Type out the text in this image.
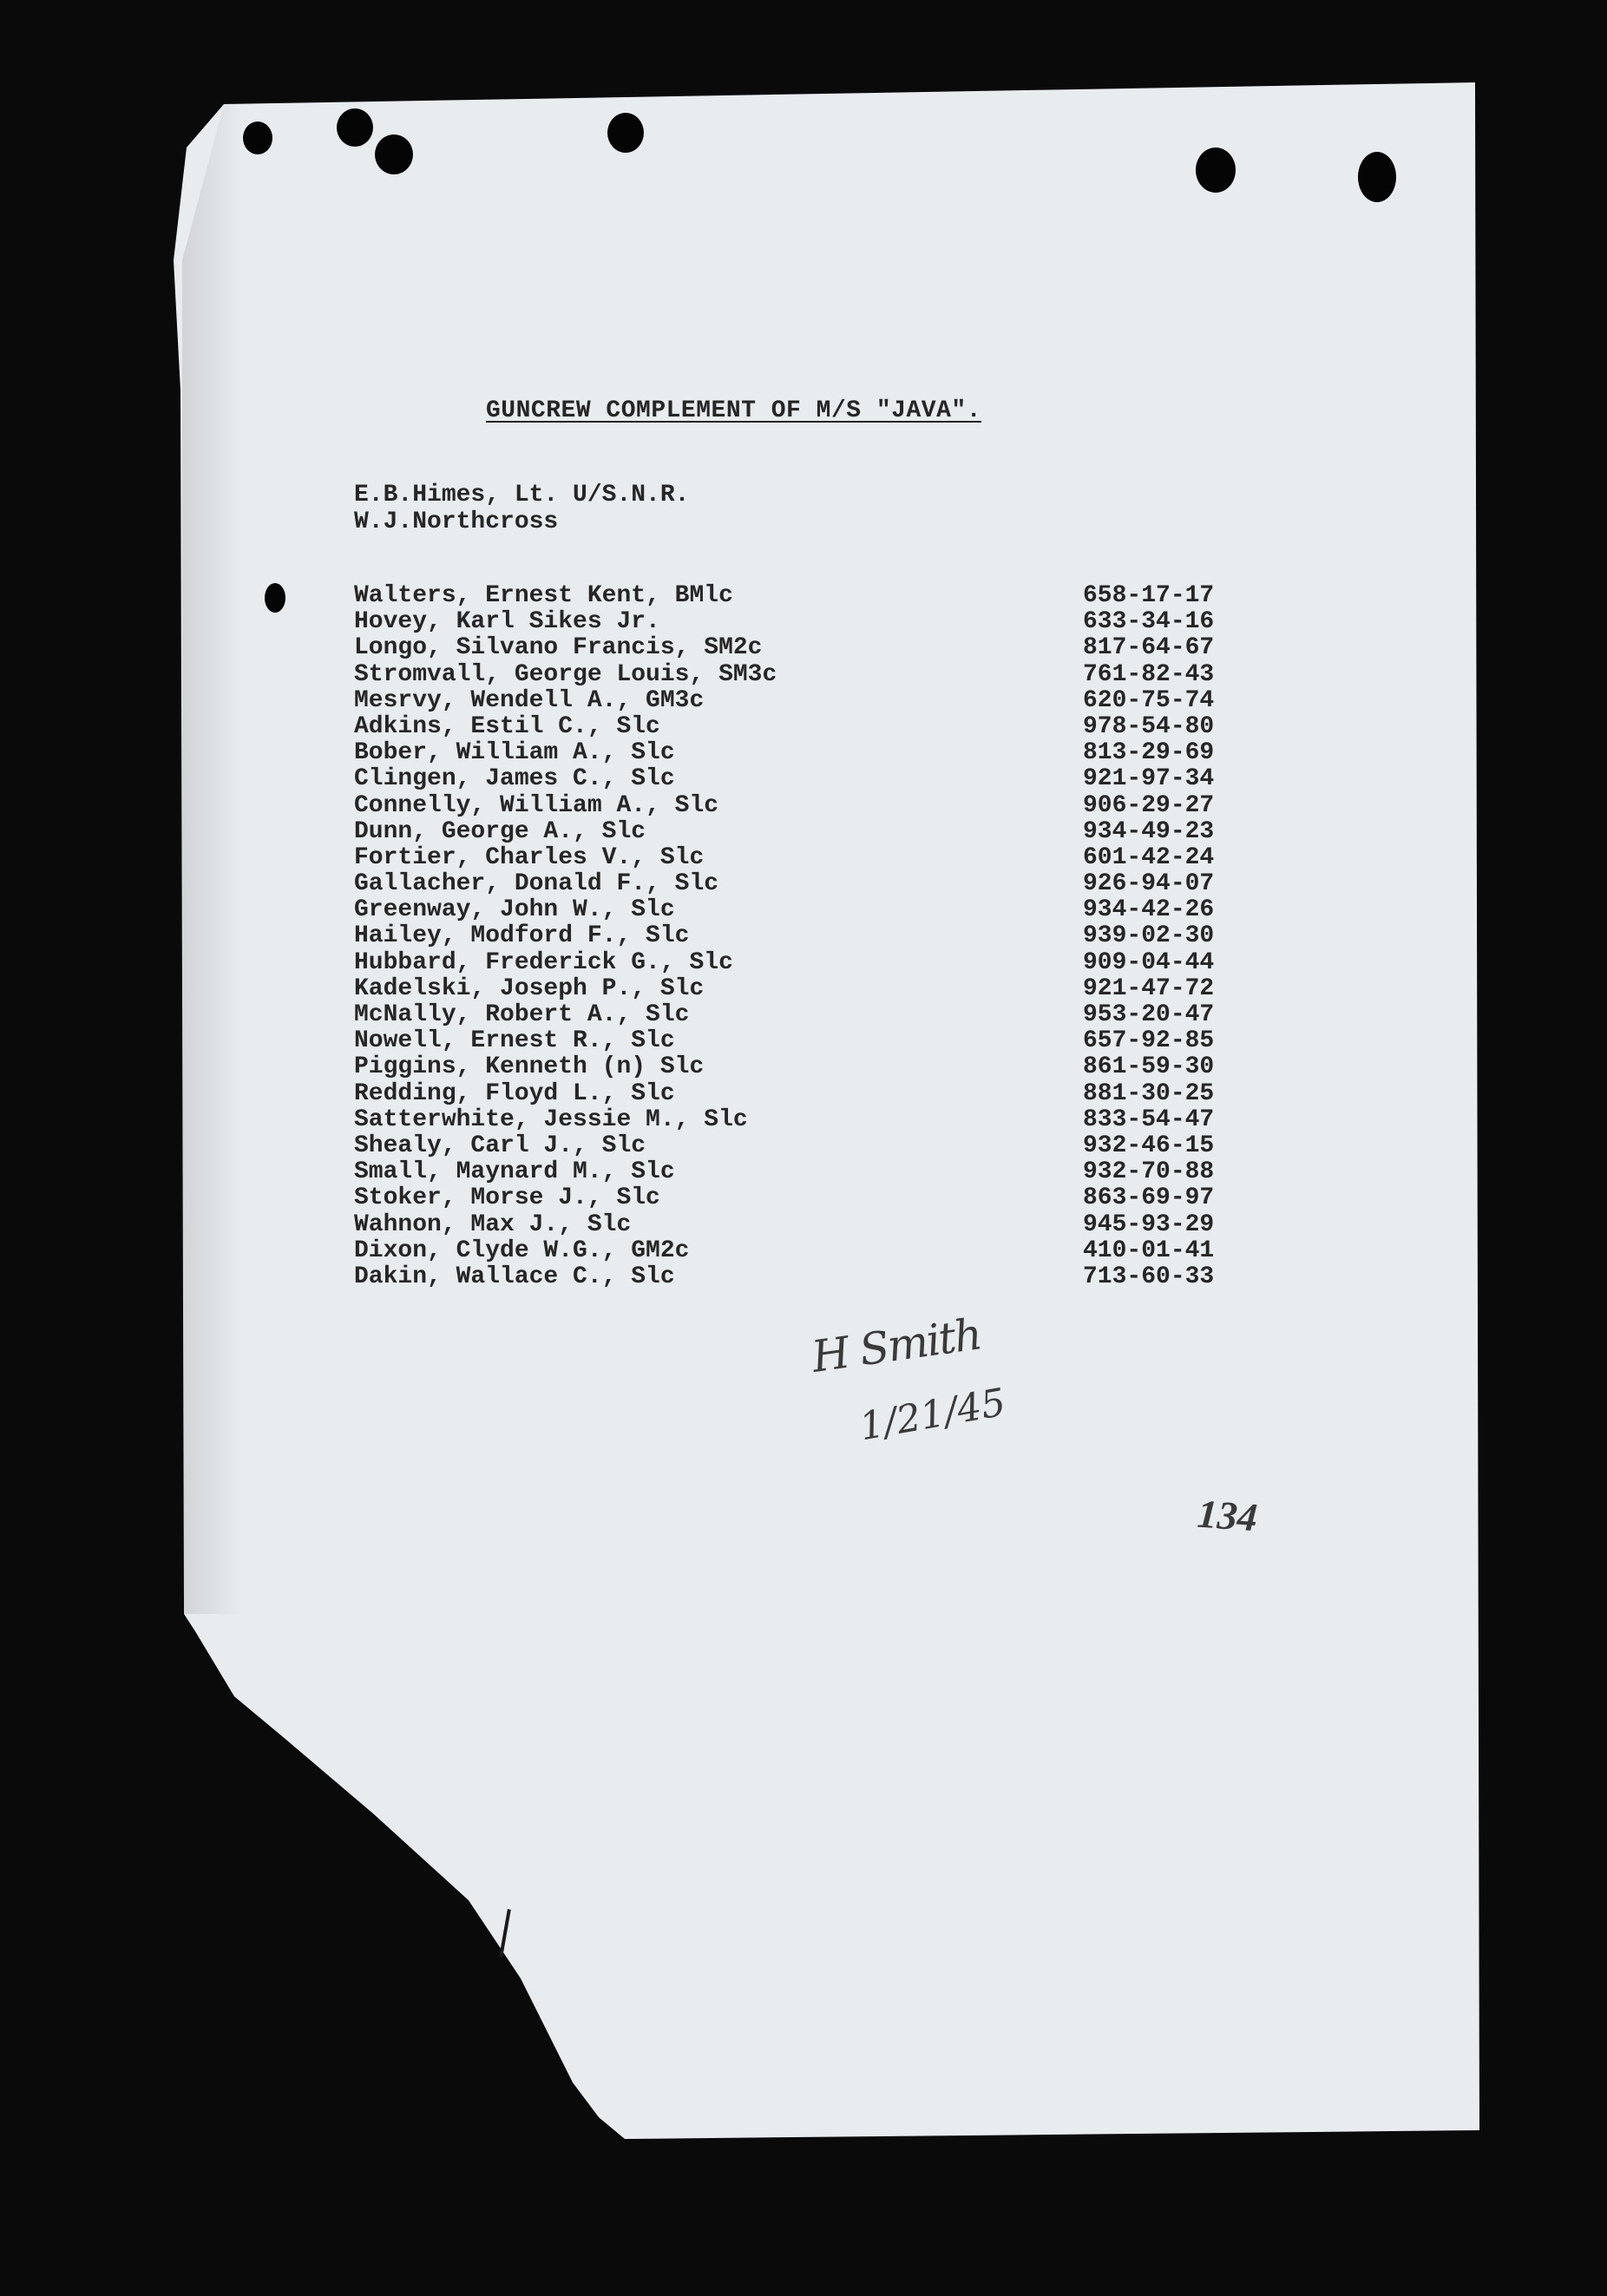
GUNCREW COMPLEMENT OF M/S "JAVA".
E.B.Himes, Lt. U/S.N.R.
W.J.Northcross
Walters, Ernest Kent, BMlc	658-17-17
Hovey, Karl Sikes Jr.	633-34-16
Longo, Silvano Francis, SM2c	817-64-67
Stromvall, George Louis, SM3c	761-82-43
Mesrvy, Wendell A., GM3c	620-75-74
Adkins, Estil C., Slc	978-54-80
Bober, William A., Slc	813-29-69
Clingen, James C., Slc	921-97-34
Connelly, William A., Slc	906-29-27
Dunn, George A., Slc	934-49-23
Fortier, Charles V., Slc	601-42-24
Gallacher, Donald F., Slc	926-94-07
Greenway, John W., Slc	934-42-26
Hailey, Modford F., Slc	939-02-30
Hubbard, Frederick G., Slc	909-04-44
Kadelski, Joseph P., Slc	921-47-72
McNally, Robert A., Slc	953-20-47
Nowell, Ernest R., Slc	657-92-85
Piggins, Kenneth (n) Slc	861-59-30
Redding, Floyd L., Slc	881-30-25
Satterwhite, Jessie M., Slc	833-54-47
Shealy, Carl J., Slc	932-46-15
Small, Maynard M., Slc	932-70-88
Stoker, Morse J., Slc	863-69-97
Wahnon, Max J., Slc	945-93-29
Dixon, Clyde W.G., GM2c	410-01-41
Dakin, Wallace C., Slc	713-60-33
H Smith
1/21/45
134
